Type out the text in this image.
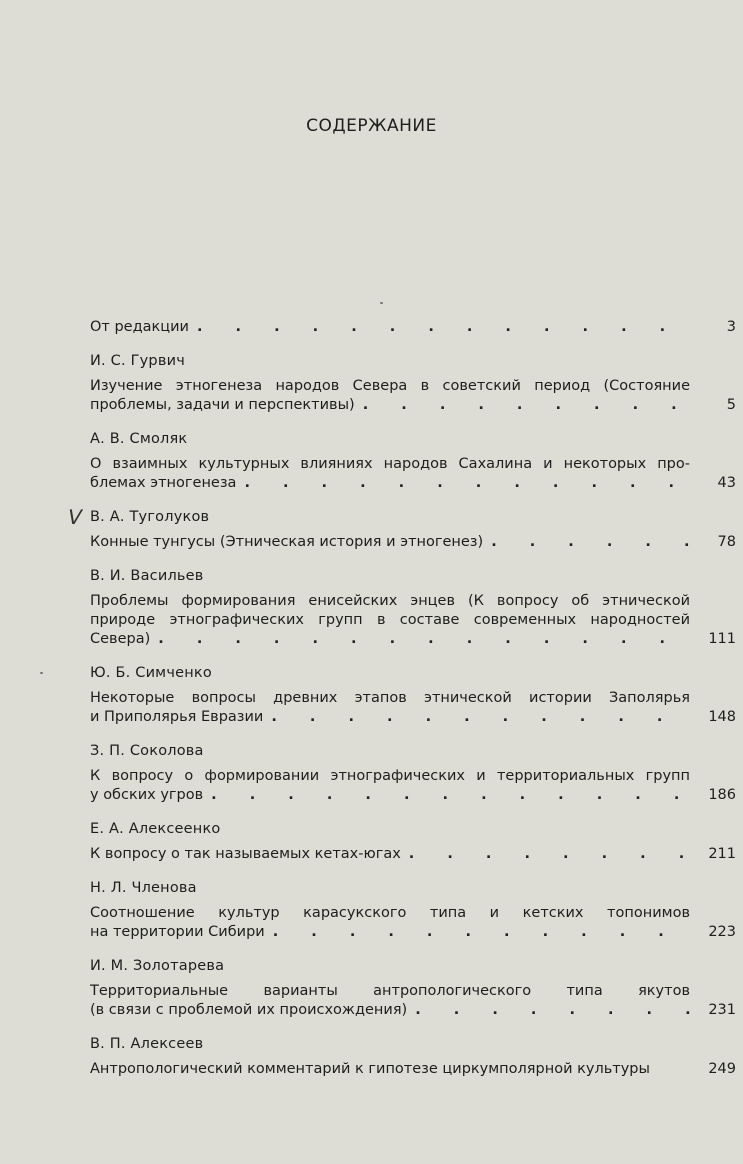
СОДЕРЖАНИЕ
V
От редакции . . .	3
И. С. Гурвич
Изучение этногенеза народов Севера в советский период (Состояние
проблемы, задачи и перспективы) . . .	5
А. В. Смоляк
О взаимных культурных влияниях народов Сахалина и некоторых про-
блемах этногенеза . . .	43
В. А. Туголуков
Конные тунгусы (Этническая история и этногенез) . . .	78
В. И. Васильев
Проблемы формирования енисейских энцев (К вопросу об этнической
природе этнографических групп в составе современных народностей
Севера) . . .	111
Ю. Б. Симченко
Некоторые вопросы древних этапов этнической истории Заполярья
и Приполярья Евразии . . .	148
З. П. Соколова
К вопросу о формировании этнографических и территориальных групп
у обских угров . . .	186
Е. А. Алексеенко
К вопросу о так называемых кетах-югах . . .	211
Н. Л. Членова
Соотношение культур карасукского типа и кетских топонимов
на территории Сибири . . .	223
И. М. Золотарева
Территориальные варианты антропологического типа якутов
(в связи с проблемой их происхождения) . . .	231
В. П. Алексеев
Антропологический комментарий к гипотезе циркумполярной культуры	249
